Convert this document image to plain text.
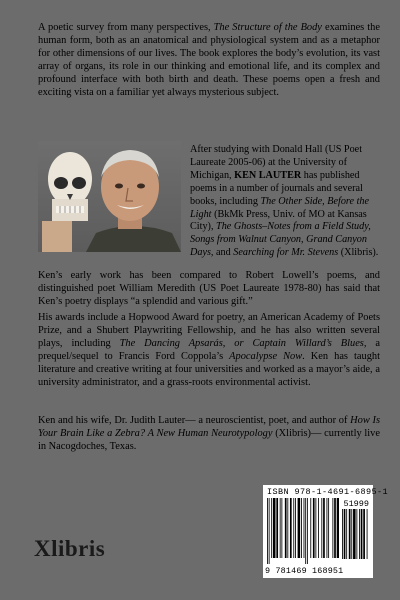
A poetic survey from many perspectives, The Structure of the Body examines the human form, both as an anatomical and physiological system and as a metaphor for other dimensions of our lives. The book explores the body’s evolution, its vast array of organs, its role in our thinking and emotional life, and its complex and profound interface with both birth and death. These poems open a fresh and exciting vista on a familiar yet always mysterious subject.

After studying with Donald Hall (US Poet Laureate 2005-06) at the University of Michigan, KEN LAUTER has published poems in a number of journals and several books, including The Other Side, Before the Light (BkMk Press, Univ. of MO at Kansas City), The Ghosts–Notes from a Field Study, Songs from Walnut Canyon, Grand Canyon Days, and Searching for Mr. Stevens (Xlibris).

Ken’s early work has been compared to Robert Lowell’s poems, and distinguished poet William Meredith (US Poet Laureate 1978-80) has said that Ken’s poetry displays “a splendid and various gift.”

His awards include a Hopwood Award for poetry, an American Academy of Poets Prize, and a Shubert Playwriting Fellowship, and he has also written several plays, including The Dancing Apsarás, or Captain Willard’s Blues, a prequel/sequel to Francis Ford Coppola’s Apocalypse Now. Ken has taught literature and creative writing at four universities and worked as a mayor’s aide, a university administrator, and a grass-roots environmental activist.

Ken and his wife, Dr. Judith Lauter— a neuroscientist, poet, and author of How Is Your Brain Like a Zebra? A New Human Neurotypology (Xlibris)— currently live in Nacogdoches, Texas.

ISBN 978-1-4691-6895-1
51999
9 781469 168951
Xlibris
